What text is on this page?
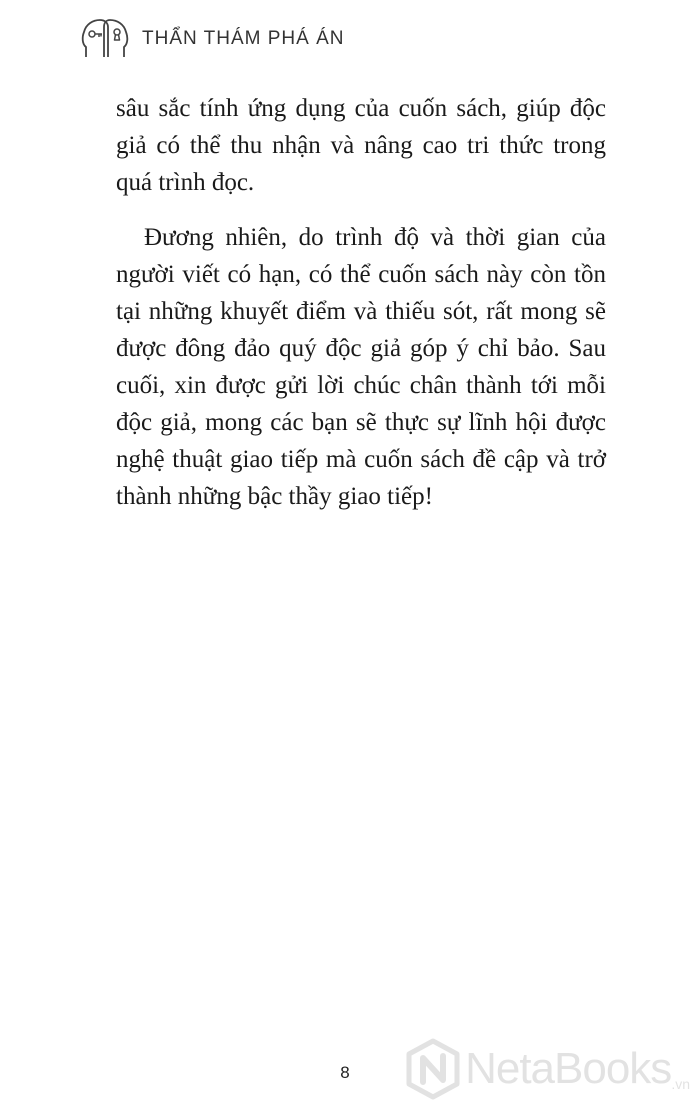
THẨN THÁM PHÁ ÁN

sâu sắc tính ứng dụng của cuốn sách, giúp độc giả có thể thu nhận và nâng cao tri thức trong quá trình đọc.

Đương nhiên, do trình độ và thời gian của người viết có hạn, có thể cuốn sách này còn tồn tại những khuyết điểm và thiếu sót, rất mong sẽ được đông đảo quý độc giả góp ý chỉ bảo. Sau cuối, xin được gửi lời chúc chân thành tới mỗi độc giả, mong các bạn sẽ thực sự lĩnh hội được nghệ thuật giao tiếp mà cuốn sách đề cập và trở thành những bậc thầy giao tiếp!

8	NetaBooks .vn
